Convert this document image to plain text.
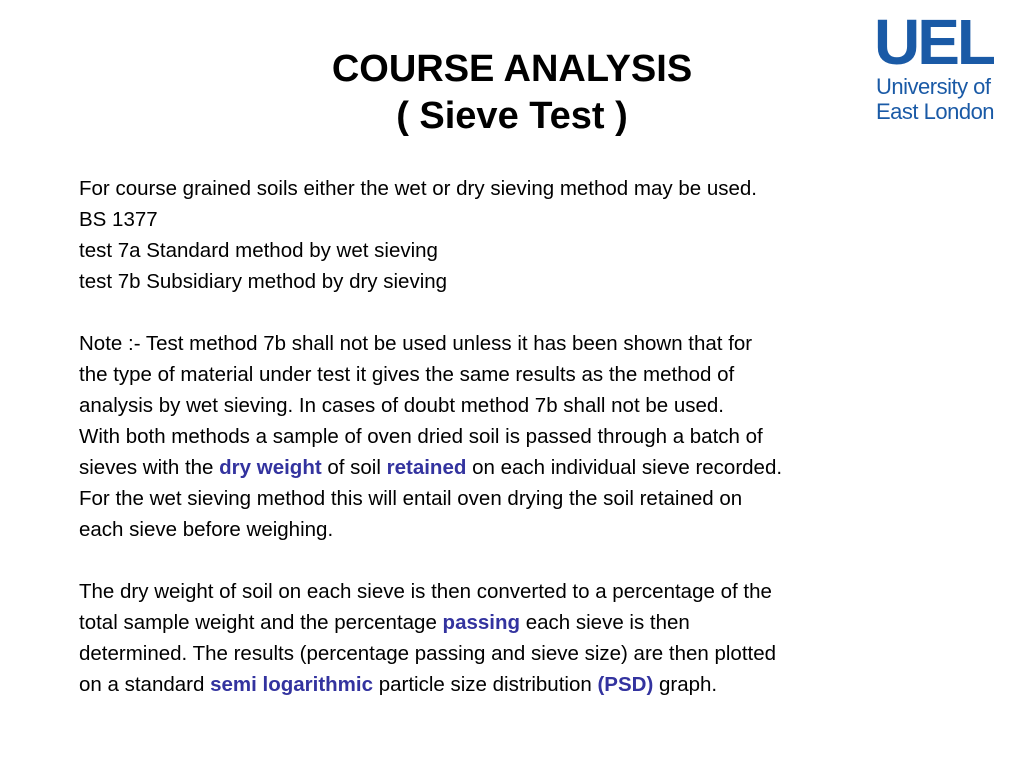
COURSE ANALYSIS
( Sieve Test )
UEL
University of
East London
For course grained soils either the wet or dry sieving method may be used.
BS 1377
test 7a Standard method by wet sieving
test 7b Subsidiary method by dry sieving
Note :- Test method 7b shall not be used unless it has been shown that for
the type of material under test it gives the same results as the method of
analysis by wet sieving. In cases of doubt method 7b shall not be used.
With both methods a sample of oven dried soil is passed through a batch of
sieves with the dry weight of soil retained on each individual sieve recorded.
For the wet sieving method this will entail oven drying the soil retained on
each sieve before weighing.
The dry weight of soil on each sieve is then converted to a percentage of the
total sample weight and the percentage passing each sieve is then
determined. The results (percentage passing and sieve size) are then plotted
on a standard semi logarithmic particle size distribution (PSD) graph.
